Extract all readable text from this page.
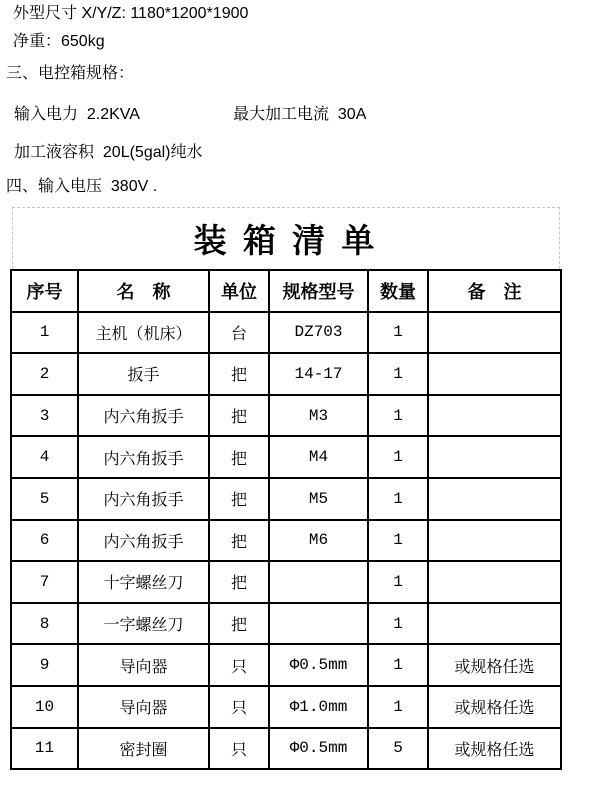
外型尺寸 X/Y/Z: 1180*1200*1900
净重：650kg
三、电控箱规格：

输入电力  2.2KVA

	最大加工电流  30A

加工液容积  20L(5gal)纯水
四、输入电压  380V .
装 箱 清 单
序号	名　称	单位	规格型号	数量	备　注
1	主机（机床）	台	DZ703	1	
2	扳手	把	14-17	1	
3	内六角扳手	把	M3	1	
4	内六角扳手	把	M4	1	
5	内六角扳手	把	M5	1	
6	内六角扳手	把	M6	1	
7	十字螺丝刀	把		1	
8	一字螺丝刀	把		1	
9	导向器	只	Φ0.5mm	1	或规格任选
10	导向器	只	Φ1.0mm	1	或规格任选
11	密封圈	只	Φ0.5mm	5	或规格任选
